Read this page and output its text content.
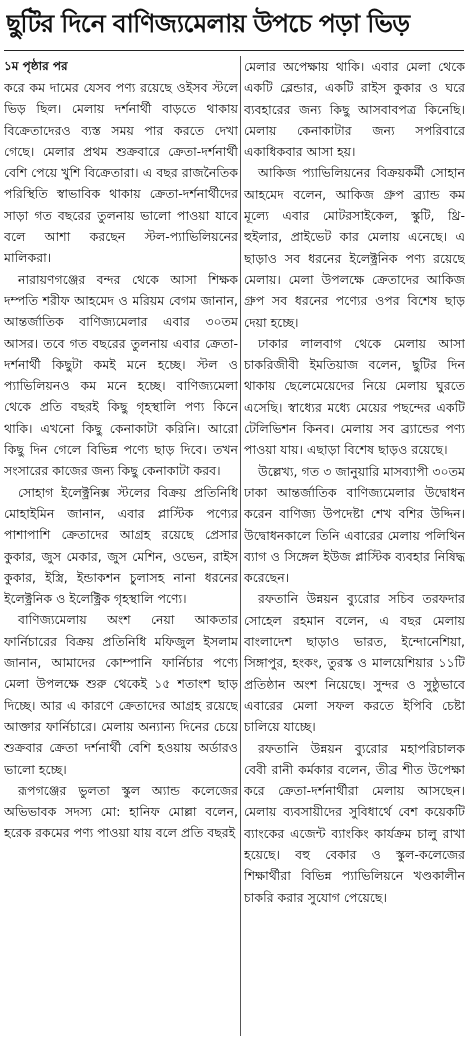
ছুটির দিনে বাণিজ্যমেলায় উপচে পড়া ভিড়

১ম পৃষ্ঠার পর

করে কম দামের যেসব পণ্য রয়েছে ওইসব স্টলে ভিড় ছিল। মেলায় দর্শনার্থী বাড়তে থাকায় বিক্রেতাদেরও ব্যস্ত সময় পার করতে দেখা গেছে। মেলার প্রথম শুক্রবারে ক্রেতা-দর্শনার্থী বেশি পেয়ে খুশি বিক্রেতারা। এ বছর রাজনৈতিক পরিস্থিতি স্বাভাবিক থাকায় ক্রেতা-দর্শনার্থীদের সাড়া গত বছরের তুলনায় ভালো পাওয়া যাবে বলে আশা করছেন স্টল-প্যাভিলিয়নের মালিকরা।

নারায়ণগঞ্জের বন্দর থেকে আসা শিক্ষক দম্পতি শরীফ আহমেদ ও মরিয়ম বেগম জানান, আন্তর্জাতিক বাণিজ্যমেলার এবার ৩০তম আসর। তবে গত বছরের তুলনায় এবার ক্রেতা-দর্শনার্থী কিছুটা কমই মনে হচ্ছে। স্টল ও প্যাভিলিয়নও কম মনে হচ্ছে। বাণিজ্যমেলা থেকে প্রতি বছরই কিছু গৃহস্থালি পণ্য কিনে থাকি। এখনো কিছু কেনাকাটা করিনি। আরো কিছু দিন গেলে বিভিন্ন পণ্যে ছাড় দিবে। তখন সংসারের কাজের জন্য কিছু কেনাকাটা করব।

সোহাগ ইলেক্ট্রনিক্স স্টলের বিক্রয় প্রতিনিধি মোহাইমিন জানান, এবার প্লাস্টিক পণ্যের পাশাপাশি ক্রেতাদের আগ্রহ রয়েছে প্রেসার কুকার, জুস মেকার, জুস মেশিন, ওভেন, রাইস কুকার, ইস্ত্রি, ইন্ডাকশন চুলাসহ নানা ধরনের ইলেক্ট্রনিক ও ইলেক্ট্রিক গৃহস্থালি পণ্যে।

বাণিজ্যমেলায় অংশ নেয়া আকতার ফার্নিচারের বিক্রয় প্রতিনিধি মফিজুল ইসলাম জানান, আমাদের কোম্পানি ফার্নিচার পণ্যে মেলা উপলক্ষে শুরু থেকেই ১৫ শতাংশ ছাড় দিচ্ছে। আর এ কারণে ক্রেতাদের আগ্রহ রয়েছে আক্তার ফার্নিচারে। মেলায় অন্যান্য দিনের চেয়ে শুক্রবার ক্রেতা দর্শনার্থী বেশি হওয়ায় অর্ডারও ভালো হচ্ছে।

রূপগঞ্জের ভুলতা স্কুল অ্যান্ড কলেজের অভিভাবক সদস্য মো: হানিফ মোল্লা বলেন, হরেক রকমের পণ্য পাওয়া যায় বলে প্রতি বছরই

মেলার অপেক্ষায় থাকি। এবার মেলা থেকে একটি ব্লেন্ডার, একটি রাইস কুকার ও ঘরে ব্যবহারের জন্য কিছু আসবাবপত্র কিনেছি। মেলায় কেনাকাটার জন্য সপরিবারে একাধিকবার আসা হয়।

আকিজ প্যাভিলিয়নের বিক্রয়কর্মী সোহান আহমেদ বলেন, আকিজ গ্রুপ ব্র্যান্ড কম মূল্যে এবার মোটরসাইকেল, স্কুটি, থ্রি-হুইলার, প্রাইভেট কার মেলায় এনেছে। এ ছাড়াও সব ধরনের ইলেক্ট্রনিক পণ্য রয়েছে মেলায়। মেলা উপলক্ষে ক্রেতাদের আকিজ গ্রুপ সব ধরনের পণ্যের ওপর বিশেষ ছাড় দেয়া হচ্ছে।

ঢাকার লালবাগ থেকে মেলায় আসা চাকরিজীবী ইমতিয়াজ বলেন, ছুটির দিন থাকায় ছেলেমেয়েদের নিয়ে মেলায় ঘুরতে এসেছি। স্বাধ্যের মধ্যে মেয়ের পছন্দের একটি টেলিভিশন কিনব। মেলায় সব ব্র্যান্ডের পণ্য পাওয়া যায়। এছাড়া বিশেষ ছাড়ও রয়েছে।

উল্লেখ্য, গত ৩ জানুয়ারি মাসব্যাপী ৩০তম ঢাকা আন্তর্জাতিক বাণিজ্যমেলার উদ্বোধন করেন বাণিজ্য উপদেষ্টা শেখ বশির উদ্দিন। উদ্বোধনকালে তিনি এবারের মেলায় পলিথিন ব্যাগ ও সিঙ্গেল ইউজ প্লাস্টিক ব্যবহার নিষিদ্ধ করেছেন।

রফতানি উন্নয়ন ব্যুরোর সচিব তরফদার সোহেল রহমান বলেন, এ বছর মেলায় বাংলাদেশ ছাড়াও ভারত, ইন্দোনেশিয়া, সিঙ্গাপুর, হংকং, তুরস্ক ও মালয়েশিয়ার ১১টি প্রতিষ্ঠান অংশ নিয়েছে। সুন্দর ও সুষ্ঠুভাবে এবারের মেলা সফল করতে ইপিবি চেষ্টা চালিয়ে যাচ্ছে।

রফতানি উন্নয়ন ব্যুরোর মহাপরিচালক বেবী রানী কর্মকার বলেন, তীব্র শীত উপেক্ষা করে ক্রেতা-দর্শনার্থীরা মেলায় আসছেন। মেলায় ব্যবসায়ীদের সুবিধার্থে বেশ কয়েকটি ব্যাংকের এজেন্ট ব্যাংকিং কার্যক্রম চালু রাখা হয়েছে। বহু বেকার ও স্কুল-কলেজের শিক্ষার্থীরা বিভিন্ন প্যাভিলিয়নে খণ্ডকালীন চাকরি করার সুযোগ পেয়েছে।
